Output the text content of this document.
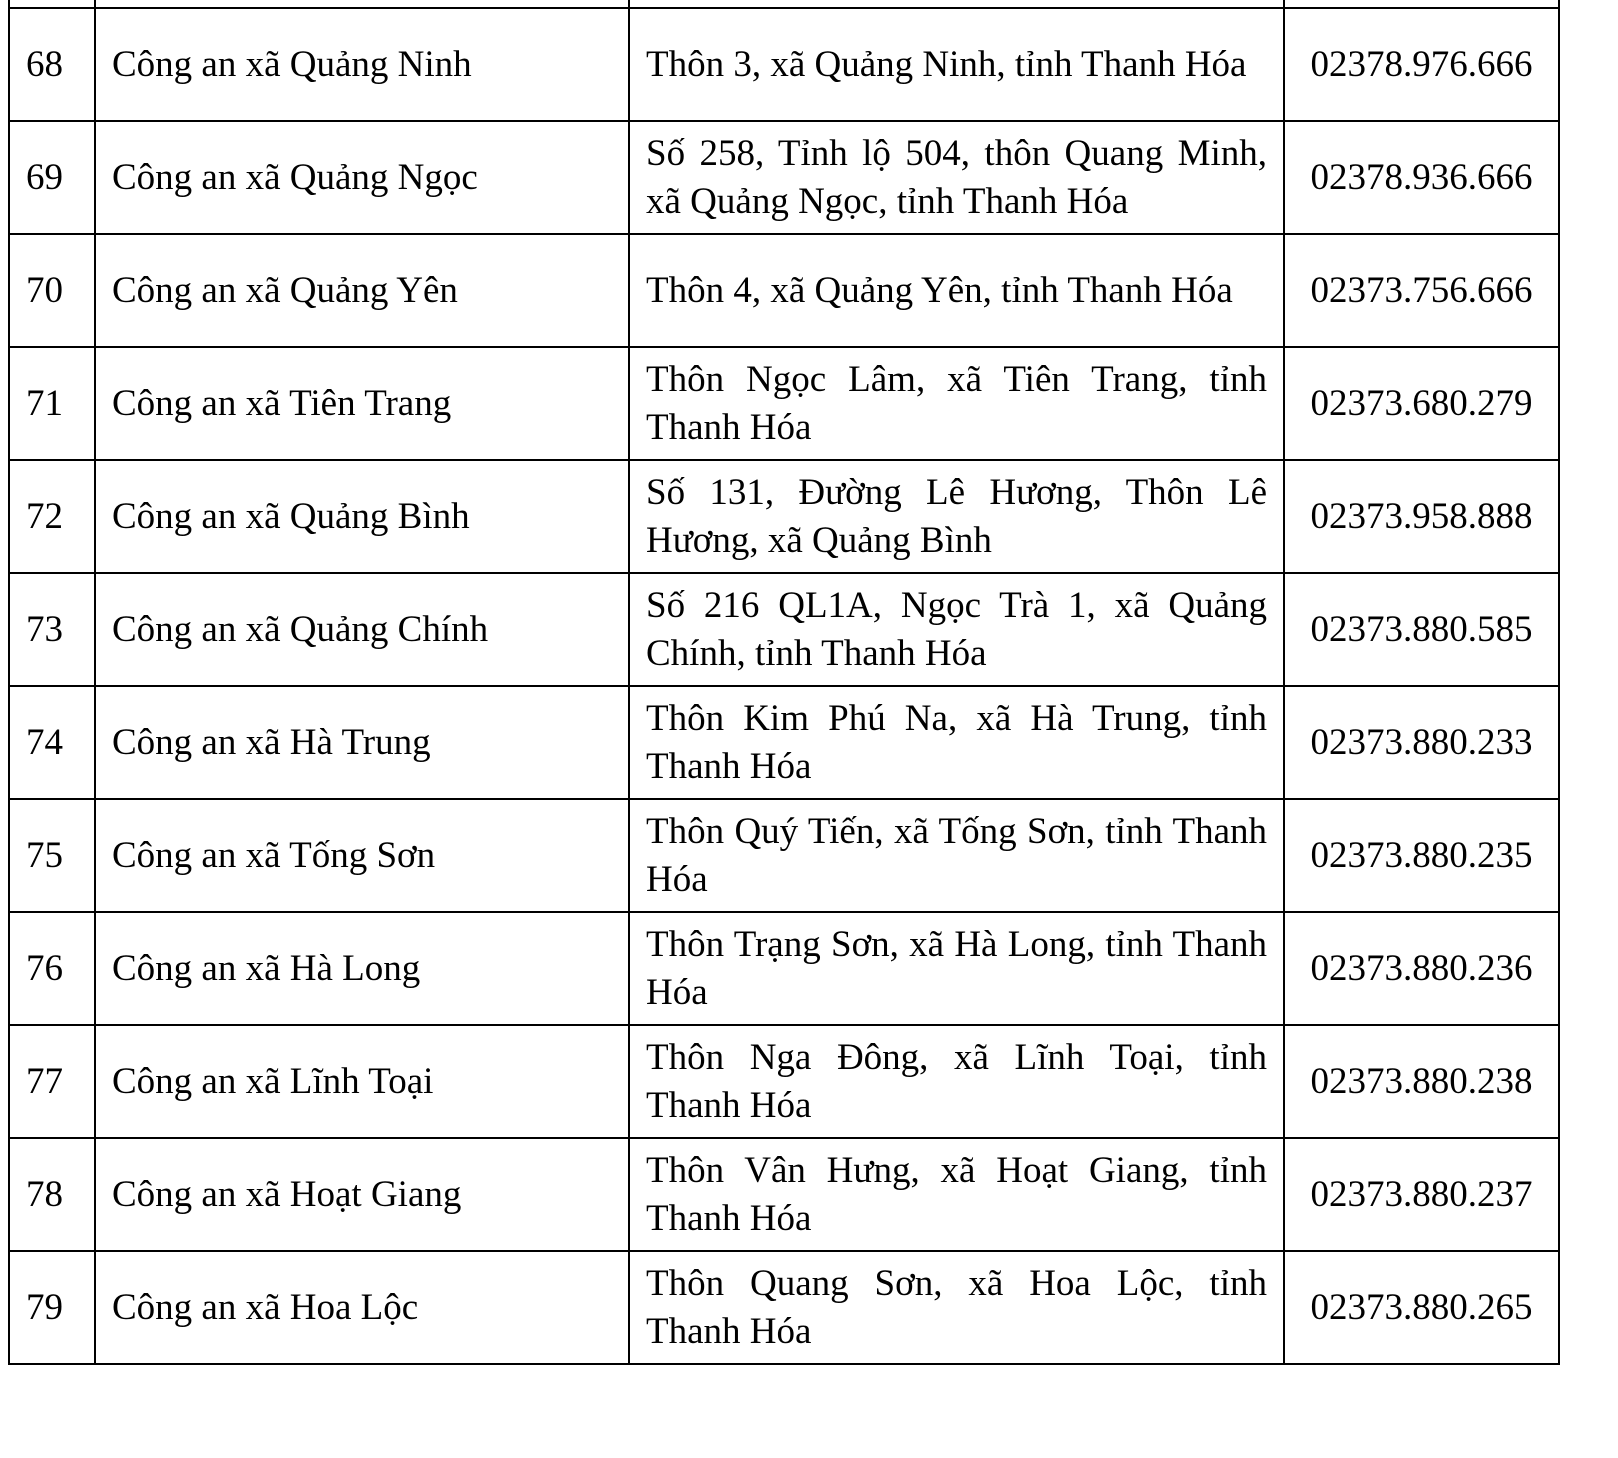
68	Công an xã Quảng Ninh	Thôn 3, xã Quảng Ninh, tỉnh Thanh Hóa	02378.976.666
69	Công an xã Quảng Ngọc	Số 258, Tỉnh lộ 504, thôn Quang Minh, xã Quảng Ngọc, tỉnh Thanh Hóa	02378.936.666
70	Công an xã Quảng Yên	Thôn 4, xã Quảng Yên, tỉnh Thanh Hóa	02373.756.666
71	Công an xã Tiên Trang	Thôn Ngọc Lâm, xã Tiên Trang, tỉnh Thanh Hóa	02373.680.279
72	Công an xã Quảng Bình	Số 131, Đường Lê Hương, Thôn Lê Hương, xã Quảng Bình	02373.958.888
73	Công an xã Quảng Chính	Số 216 QL1A, Ngọc Trà 1, xã Quảng Chính, tỉnh Thanh Hóa	02373.880.585
74	Công an xã Hà Trung	Thôn Kim Phú Na, xã Hà Trung, tỉnh Thanh Hóa	02373.880.233
75	Công an xã Tống Sơn	Thôn Quý Tiến, xã Tống Sơn, tỉnh Thanh Hóa	02373.880.235
76	Công an xã Hà Long	Thôn Trạng Sơn, xã Hà Long, tỉnh Thanh Hóa	02373.880.236
77	Công an xã Lĩnh Toại	Thôn Nga Đông, xã Lĩnh Toại, tỉnh Thanh Hóa	02373.880.238
78	Công an xã Hoạt Giang	Thôn Vân Hưng, xã Hoạt Giang, tỉnh Thanh Hóa	02373.880.237
79	Công an xã Hoa Lộc	Thôn Quang Sơn, xã Hoa Lộc, tỉnh Thanh Hóa	02373.880.265
